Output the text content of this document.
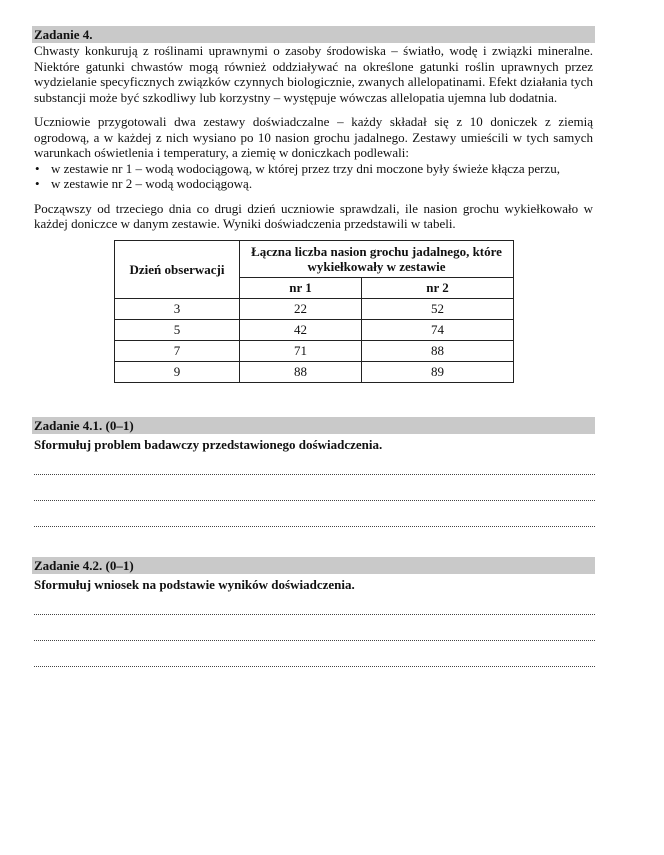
Zadanie 4.

Chwasty konkurują z roślinami uprawnymi o zasoby środowiska – światło, wodę i związki mineralne. Niektóre gatunki chwastów mogą również oddziaływać na określone gatunki roślin uprawnych przez wydzielanie specyficznych związków czynnych biologicznie, zwanych allelopatinami. Efekt działania tych substancji może być szkodliwy lub korzystny – występuje wówczas allelopatia ujemna lub dodatnia.

Uczniowie przygotowali dwa zestawy doświadczalne – każdy składał się z 10 doniczek z ziemią ogrodową, a w każdej z nich wysiano po 10 nasion grochu jadalnego. Zestawy umieścili w tych samych warunkach oświetlenia i temperatury, a ziemię w doniczkach podlewali:

• w zestawie nr 1 – wodą wodociągową, w której przez trzy dni moczone były świeże kłącza perzu,
• w zestawie nr 2 – wodą wodociągową.

Począwszy od trzeciego dnia co drugi dzień uczniowie sprawdzali, ile nasion grochu wykiełkowało w każdej doniczce w danym zestawie. Wyniki doświadczenia przedstawili w tabeli.

Dzień obserwacji	Łączna liczba nasion grochu jadalnego, które wykiełkowały w zestawie	
	nr 1	nr 2
3	22	52
5	42	74
7	71	88
9	88	89
Zadanie 4.1. (0–1)
Sformułuj problem badawczy przedstawionego doświadczenia.
Zadanie 4.2. (0–1)
Sformułuj wniosek na podstawie wyników doświadczenia.
